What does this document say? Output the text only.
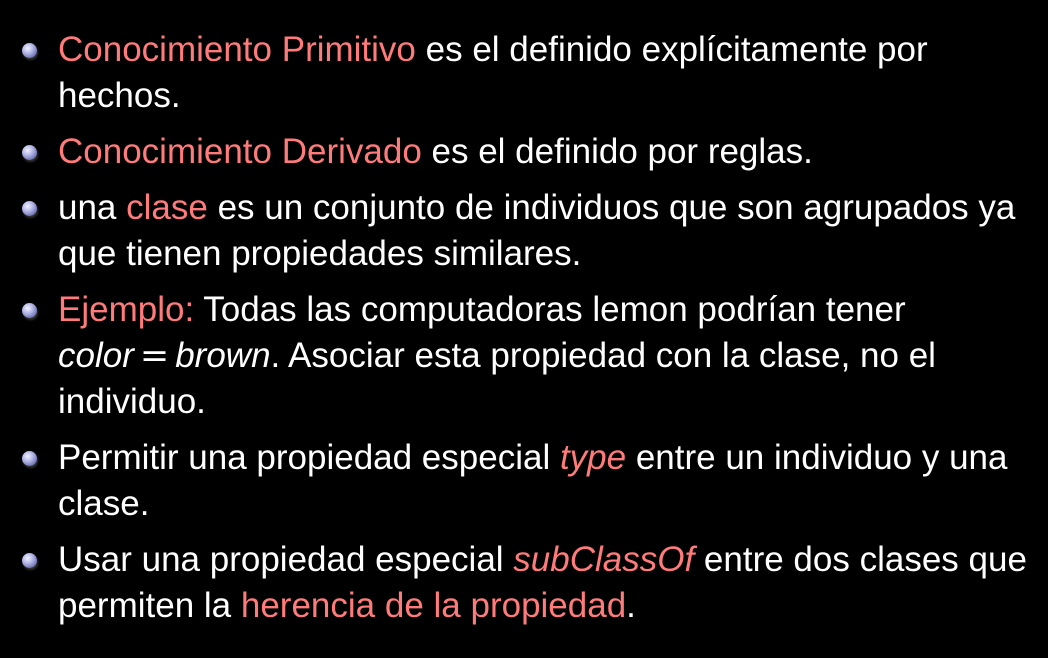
Conocimiento Primitivo es el definido explícitamente por hechos.
Conocimiento Derivado es el definido por reglas.
una clase es un conjunto de individuos que son agrupados ya que tienen propiedades similares.
Ejemplo: Todas las computadoras lemon podrían tener color = brown. Asociar esta propiedad con la clase, no el individuo.
Permitir una propiedad especial type entre un individuo y una clase.
Usar una propiedad especial subClassOf entre dos clases que permiten la herencia de la propiedad.
